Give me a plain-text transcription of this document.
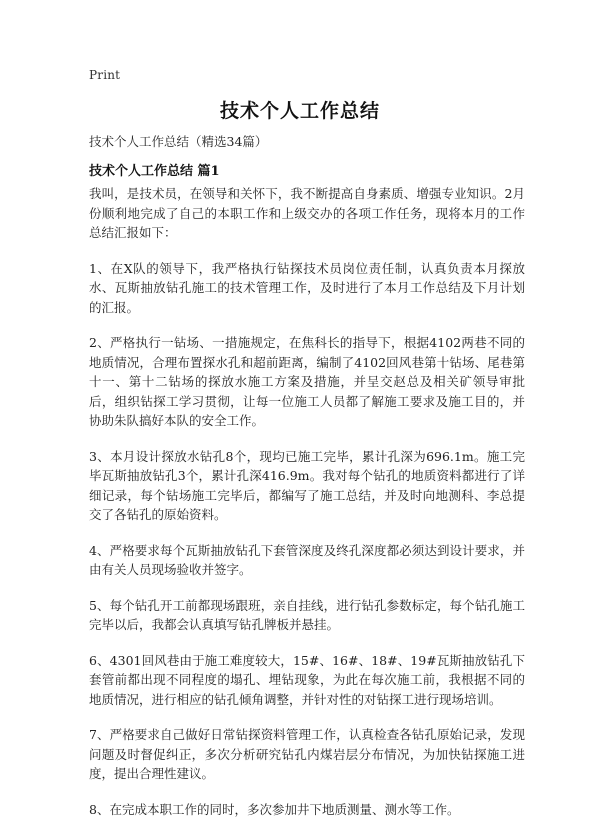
Print
技术个人工作总结
技术个人工作总结（精选34篇）
技术个人工作总结 篇1

我叫，是技术员，在领导和关怀下，我不断提高自身素质、增强专业知识。2月份顺利地完成了自己的本职工作和上级交办的各项工作任务，现将本月的工作总结汇报如下：

1、在X队的领导下，我严格执行钻探技术员岗位责任制，认真负责本月探放水、瓦斯抽放钻孔施工的技术管理工作，及时进行了本月工作总结及下月计划的汇报。

2、严格执行一钻场、一措施规定，在焦科长的指导下，根据4102两巷不同的地质情况，合理布置探水孔和超前距离，编制了4102回风巷第十钻场、尾巷第十一、第十二钻场的探放水施工方案及措施，并呈交赵总及相关矿领导审批后，组织钻探工学习贯彻，让每一位施工人员都了解施工要求及施工目的，并协助朱队搞好本队的安全工作。

3、本月设计探放水钻孔8个，现均已施工完毕，累计孔深为696.1m。施工完毕瓦斯抽放钻孔3个，累计孔深416.9m。我对每个钻孔的地质资料都进行了详细记录，每个钻场施工完毕后，都编写了施工总结，并及时向地测科、李总提交了各钻孔的原始资料。

4、严格要求每个瓦斯抽放钻孔下套管深度及终孔深度都必须达到设计要求，并由有关人员现场验收并签字。

5、每个钻孔开工前都现场跟班，亲自挂线，进行钻孔参数标定，每个钻孔施工完毕以后，我都会认真填写钻孔牌板并悬挂。

6、4301回风巷由于施工难度较大，15#、16#、18#、19#瓦斯抽放钻孔下套管前都出现不同程度的塌孔、埋钻现象，为此在每次施工前，我根据不同的地质情况，进行相应的钻孔倾角调整，并针对性的对钻探工进行现场培训。

7、严格要求自己做好日常钻探资料管理工作，认真检查各钻孔原始记录，发现问题及时督促纠正，多次分析研究钻孔内煤岩层分布情况，为加快钻探施工进度，提出合理性建议。

8、在完成本职工作的同时，多次参加井下地质测量、测水等工作。
